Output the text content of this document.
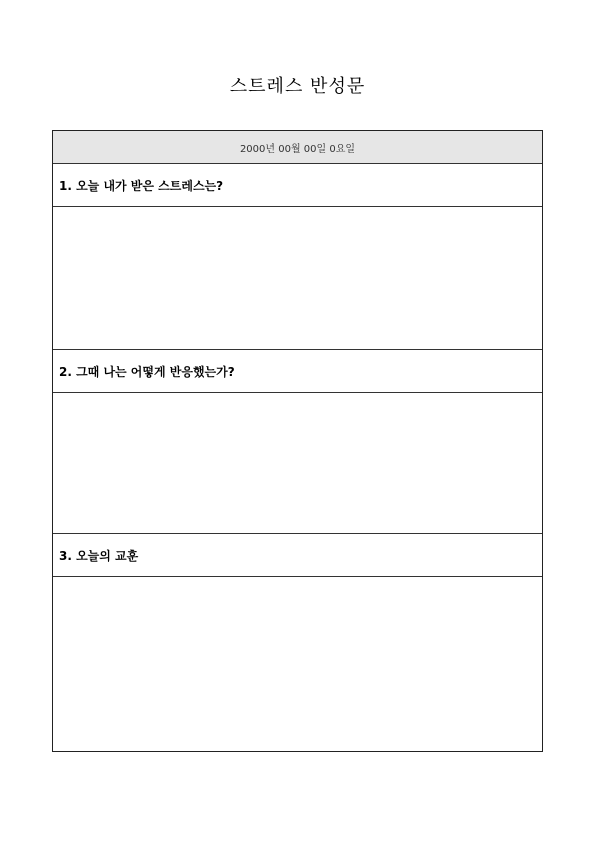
스트레스 반성문
2000년 00월 00일 0요일
1. 오늘 내가 받은 스트레스는?
2. 그때 나는 어떻게 반응했는가?
3. 오늘의 교훈
